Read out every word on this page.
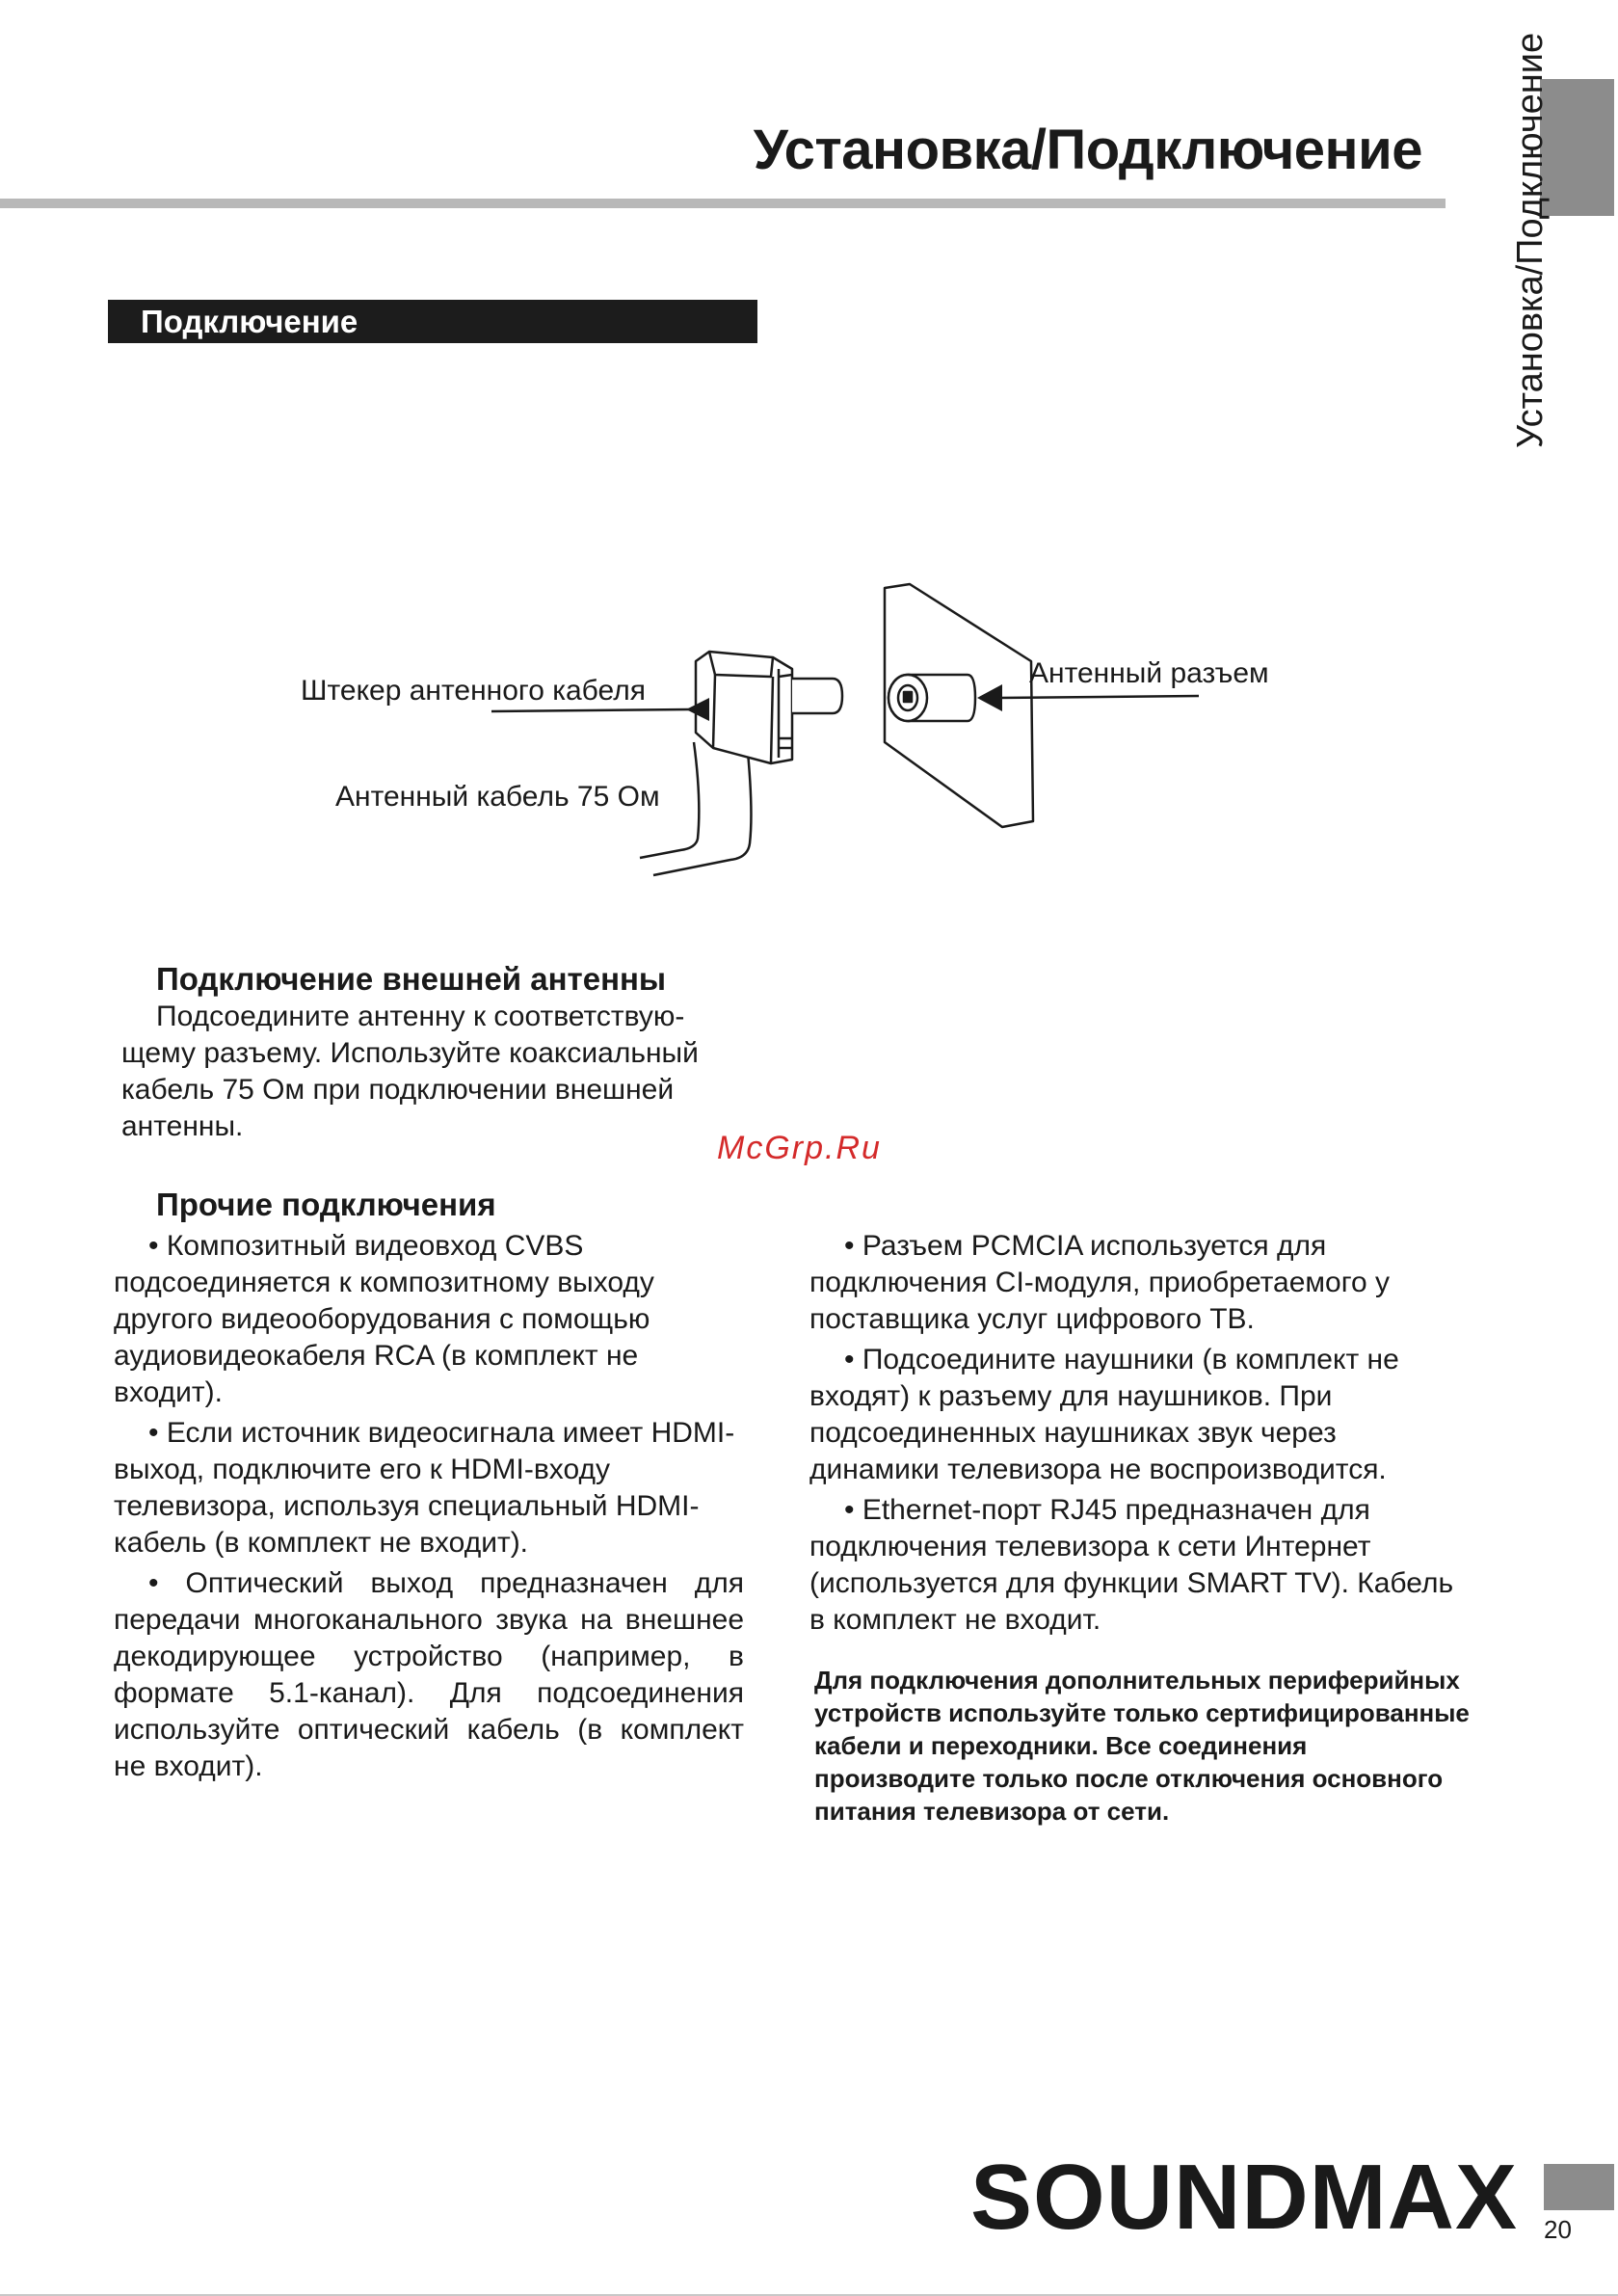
Установка/Подключение Установка/Подключение
Подключение
Штекер антенного кабеля
Антенный кабель 75 Ом
Антенный разъем
Подключение внешней антенны

Подсоедините антенну к соответствую-щему разъему. Используйте коаксиальный кабель 75 Ом при подключении внешней антенны.

McGrp.Ru
Прочие подключения

• Композитный видеовход CVBS подсоединяется к композитному выходу другого видеооборудования с помощью аудиовидеокабеля RCA (в комплект не входит).

• Если источник видеосигнала имеет HDMI-выход, подключите его к HDMI-входу телевизора, используя специальный HDMI-кабель (в комплект не входит).

• Оптический выход предназначен для передачи многоканального звука на внешнее декодирующее устройство (например, в формате 5.1-канал). Для подсоединения используйте оптический кабель (в комплект не входит).

• Разъем PCMCIA используется для подключения CI-модуля, приобретаемого у поставщика услуг цифрового ТВ.

• Подсоедините наушники (в комплект не входят) к разъему для наушников. При подсоединенных наушниках звук через динамики телевизора не воспроизводится.

• Ethernet-порт RJ45 предназначен для подключения телевизора к сети Интернет (используется для функции SMART TV). Кабель в комплект не входит.

Для подключения дополнительных периферийных устройств используйте только сертифицированные кабели и переходники. Все соединения производите только после отключения основного питания телевизора от сети.
SOUNDMAX 20
